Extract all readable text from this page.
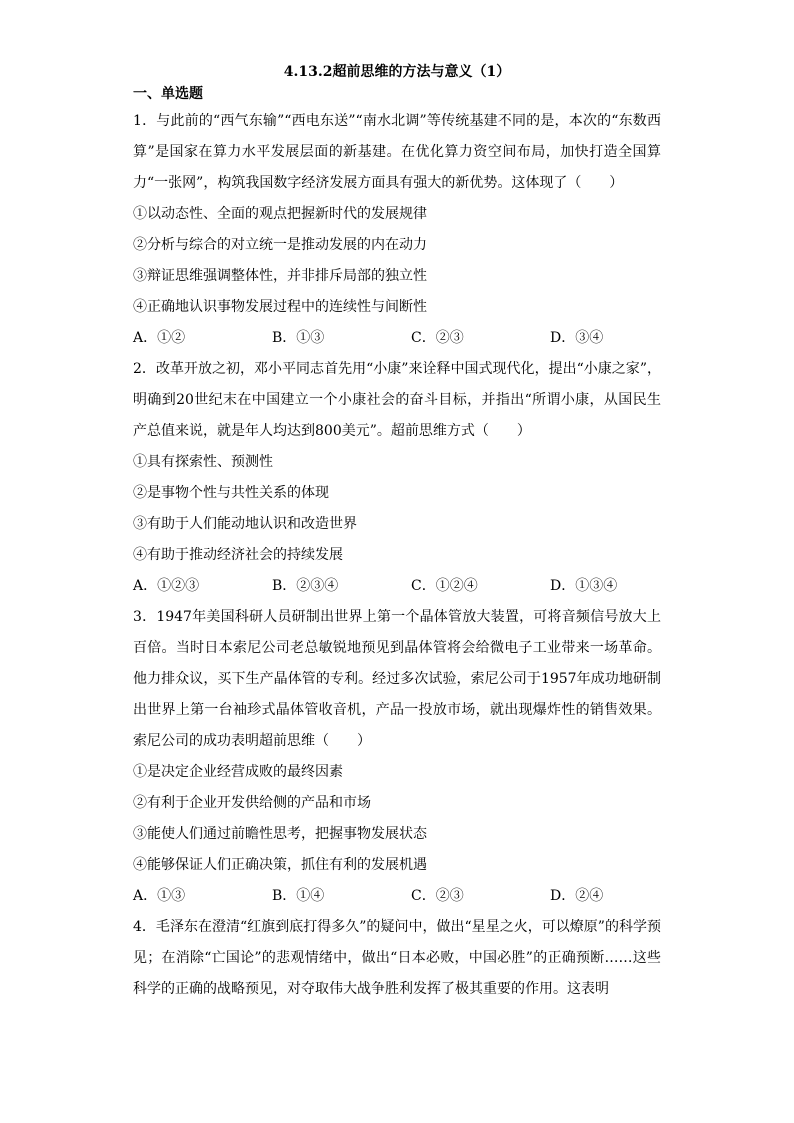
4.13.2超前思维的方法与意义（1）
一、单选题

1．与此前的“西气东输”“西电东送”“南水北调”等传统基建不同的是，本次的“东数西算”是国家在算力水平发展层面的新基建。在优化算力资空间布局，加快打造全国算力“一张网”，构筑我国数字经济发展方面具有强大的新优势。这体现了（　　）

①以动态性、全面的观点把握新时代的发展规律

②分析与综合的对立统一是推动发展的内在动力

③辩证思维强调整体性，并非排斥局部的独立性

④正确地认识事物发展过程中的连续性与间断性

A．①②	B．①③	C．②③	D．③④

2．改革开放之初，邓小平同志首先用“小康”来诠释中国式现代化，提出“小康之家”，明确到20世纪末在中国建立一个小康社会的奋斗目标，并指出“所谓小康，从国民生产总值来说，就是年人均达到800美元”。超前思维方式（　　）

①具有探索性、预测性

②是事物个性与共性关系的体现

③有助于人们能动地认识和改造世界

④有助于推动经济社会的持续发展

A．①②③	B．②③④	C．①②④	D．①③④

3．1947年美国科研人员研制出世界上第一个晶体管放大装置，可将音频信号放大上百倍。当时日本索尼公司老总敏锐地预见到晶体管将会给微电子工业带来一场革命。他力排众议，买下生产晶体管的专利。经过多次试验，索尼公司于1957年成功地研制出世界上第一台袖珍式晶体管收音机，产品一投放市场，就出现爆炸性的销售效果。索尼公司的成功表明超前思维（　　）

①是决定企业经营成败的最终因素

②有利于企业开发供给侧的产品和市场

③能使人们通过前瞻性思考，把握事物发展状态

④能够保证人们正确决策，抓住有利的发展机遇

A．①③	B．①④	C．②③	D．②④

4．毛泽东在澄清“红旗到底打得多久”的疑问中，做出“星星之火，可以燎原”的科学预见；在消除“亡国论”的悲观情绪中，做出“日本必败，中国必胜”的正确预断……这些科学的正确的战略预见，对夺取伟大战争胜利发挥了极其重要的作用。这表明
